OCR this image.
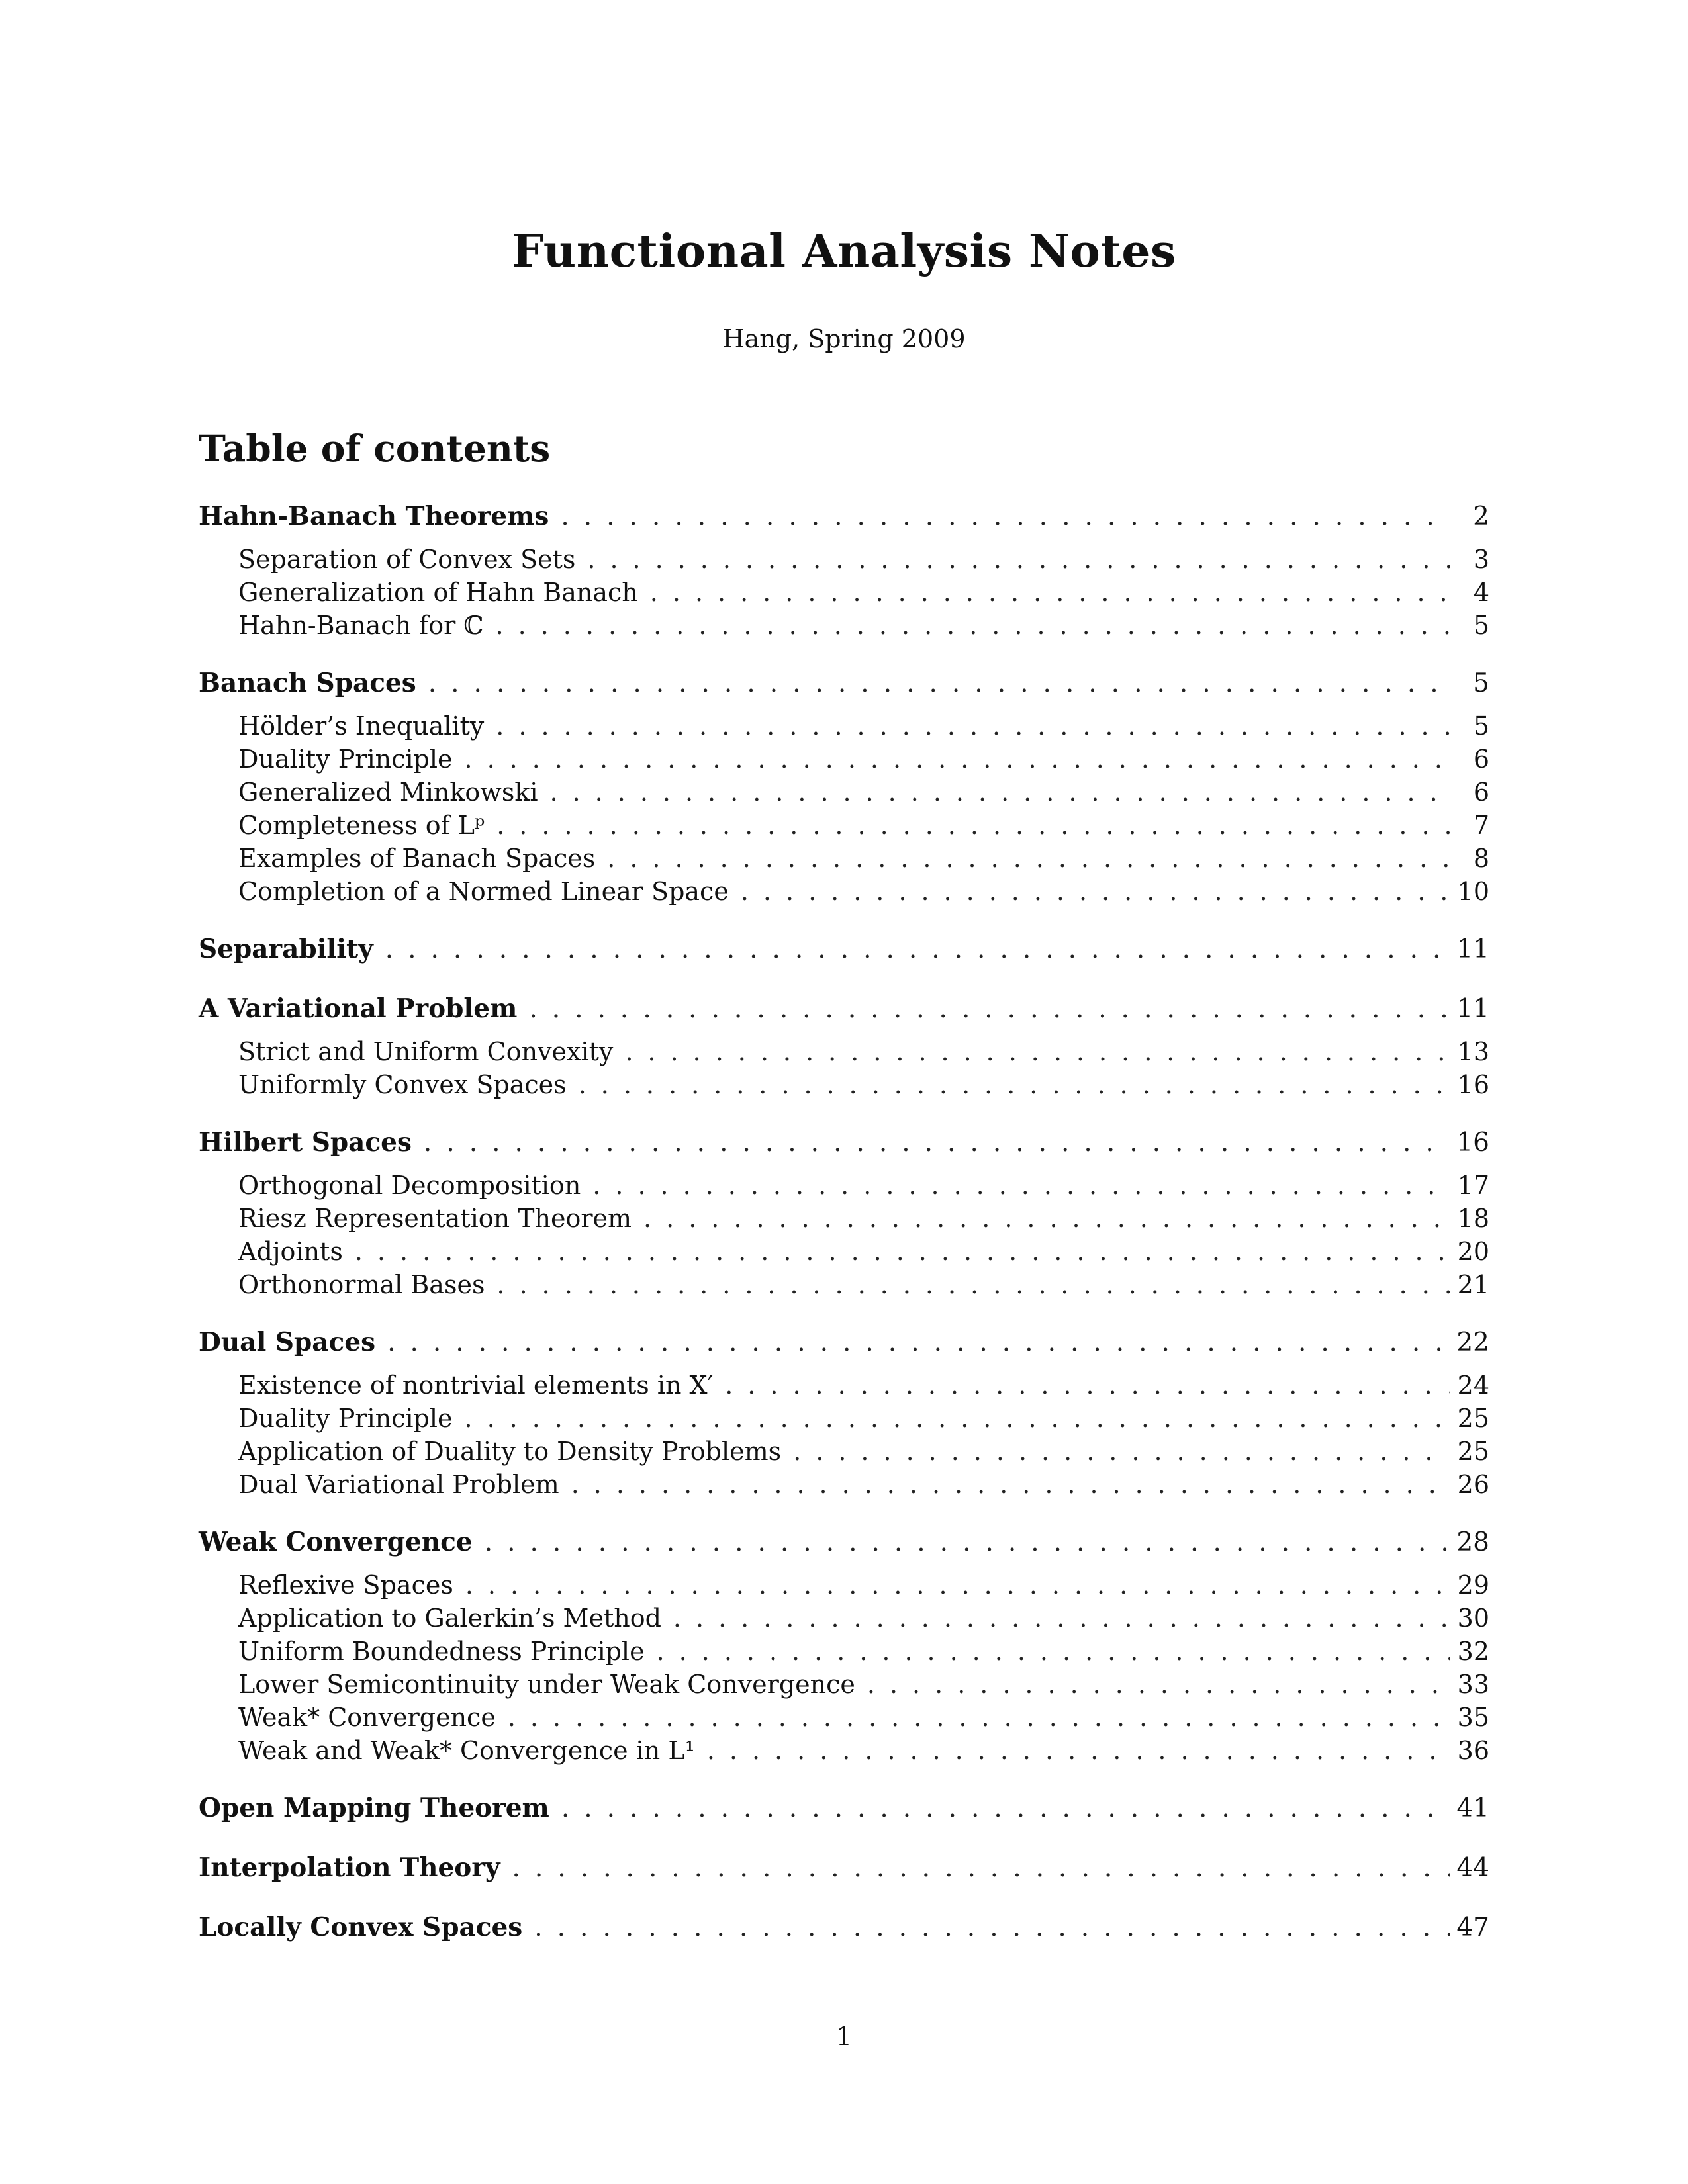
Functional Analysis Notes
Hang, Spring 2009
Table of contents
Hahn-Banach Theorems .....	2
Separation of Convex Sets .....	3
Generalization of Hahn Banach .....	4
Hahn-Banach for ℂ .....	5
Banach Spaces .....	5
Hölder’s Inequality .....	5
Duality Principle .....	6
Generalized Minkowski .....	6
Completeness of Lᵖ .....	7
Examples of Banach Spaces .....	8
Completion of a Normed Linear Space .....	10
Separability .....	11
A Variational Problem .....	11
Strict and Uniform Convexity .....	13
Uniformly Convex Spaces .....	16
Hilbert Spaces .....	16
Orthogonal Decomposition .....	17
Riesz Representation Theorem .....	18
Adjoints .....	20
Orthonormal Bases .....	21
Dual Spaces .....	22
Existence of nontrivial elements in X′ .....	24
Duality Principle .....	25
Application of Duality to Density Problems .....	25
Dual Variational Problem .....	26
Weak Convergence .....	28
Reflexive Spaces .....	29
Application to Galerkin’s Method .....	30
Uniform Boundedness Principle .....	32
Lower Semicontinuity under Weak Convergence .....	33
Weak* Convergence .....	35
Weak and Weak* Convergence in L¹ .....	36
Open Mapping Theorem .....	41
Interpolation Theory .....	44
Locally Convex Spaces .....	47
1
